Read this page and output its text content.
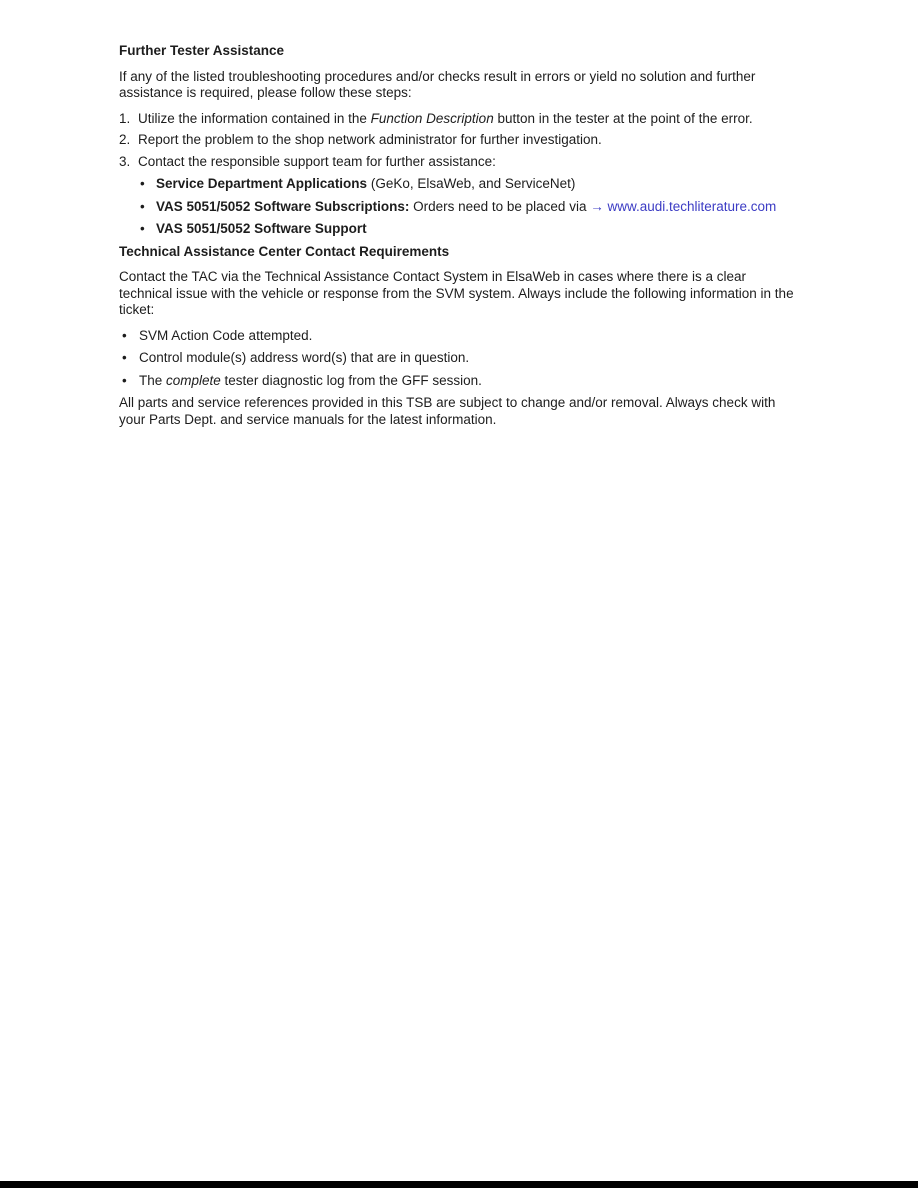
Further Tester Assistance

If any of the listed troubleshooting procedures and/or checks result in errors or yield no solution and further assistance is required, please follow these steps:

1. Utilize the information contained in the Function Description button in the tester at the point of the error.
2. Report the problem to the shop network administrator for further investigation.
3. Contact the responsible support team for further assistance:
• Service Department Applications (GeKo, ElsaWeb, and ServiceNet)
• VAS 5051/5052 Software Subscriptions: Orders need to be placed via → www.audi.techliterature.com
• VAS 5051/5052 Software Support
Technical Assistance Center Contact Requirements

Contact the TAC via the Technical Assistance Contact System in ElsaWeb in cases where there is a clear technical issue with the vehicle or response from the SVM system. Always include the following information in the ticket:

• SVM Action Code attempted.
• Control module(s) address word(s) that are in question.
• The complete tester diagnostic log from the GFF session.

All parts and service references provided in this TSB are subject to change and/or removal. Always check with your Parts Dept. and service manuals for the latest information.
